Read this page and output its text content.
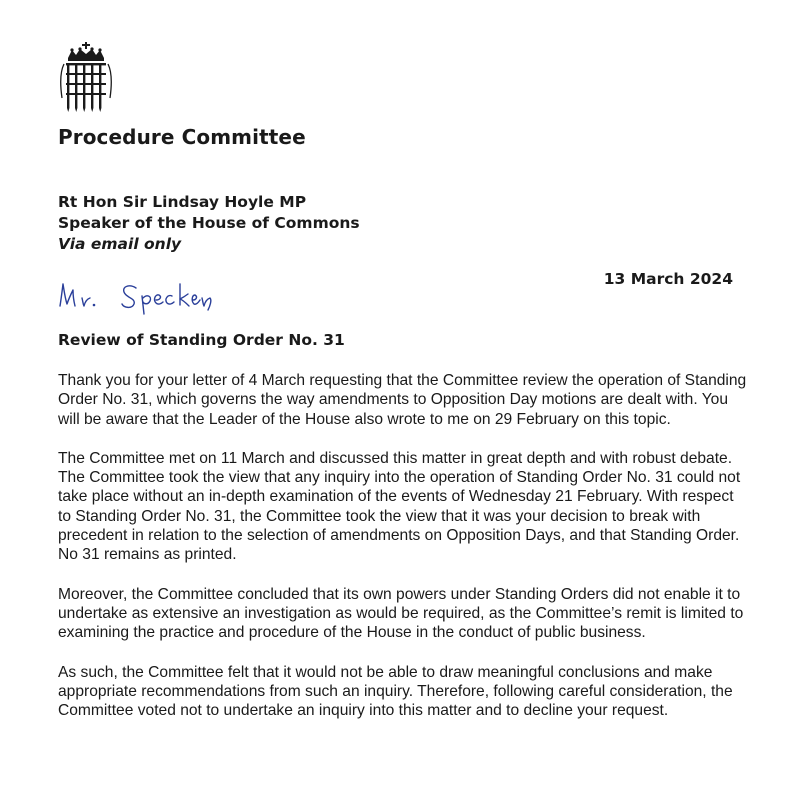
Procedure Committee
Rt Hon Sir Lindsay Hoyle MP
Speaker of the House of Commons
Via email only
13 March 2024
Review of Standing Order No. 31

Thank you for your letter of 4 March requesting that the Committee review the operation of Standing Order No. 31, which governs the way amendments to Opposition Day motions are dealt with. You will be aware that the Leader of the House also wrote to me on 29 February on this topic.

The Committee met on 11 March and discussed this matter in great depth and with robust debate. The Committee took the view that any inquiry into the operation of Standing Order No. 31 could not take place without an in-depth examination of the events of Wednesday 21 February. With respect to Standing Order No. 31, the Committee took the view that it was your decision to break with precedent in relation to the selection of amendments on Opposition Days, and that Standing Order. No 31 remains as printed.

Moreover, the Committee concluded that its own powers under Standing Orders did not enable it to undertake as extensive an investigation as would be required, as the Committee’s remit is limited to examining the practice and procedure of the House in the conduct of public business.

As such, the Committee felt that it would not be able to draw meaningful conclusions and make appropriate recommendations from such an inquiry. Therefore, following careful consideration, the Committee voted not to undertake an inquiry into this matter and to decline your request.
